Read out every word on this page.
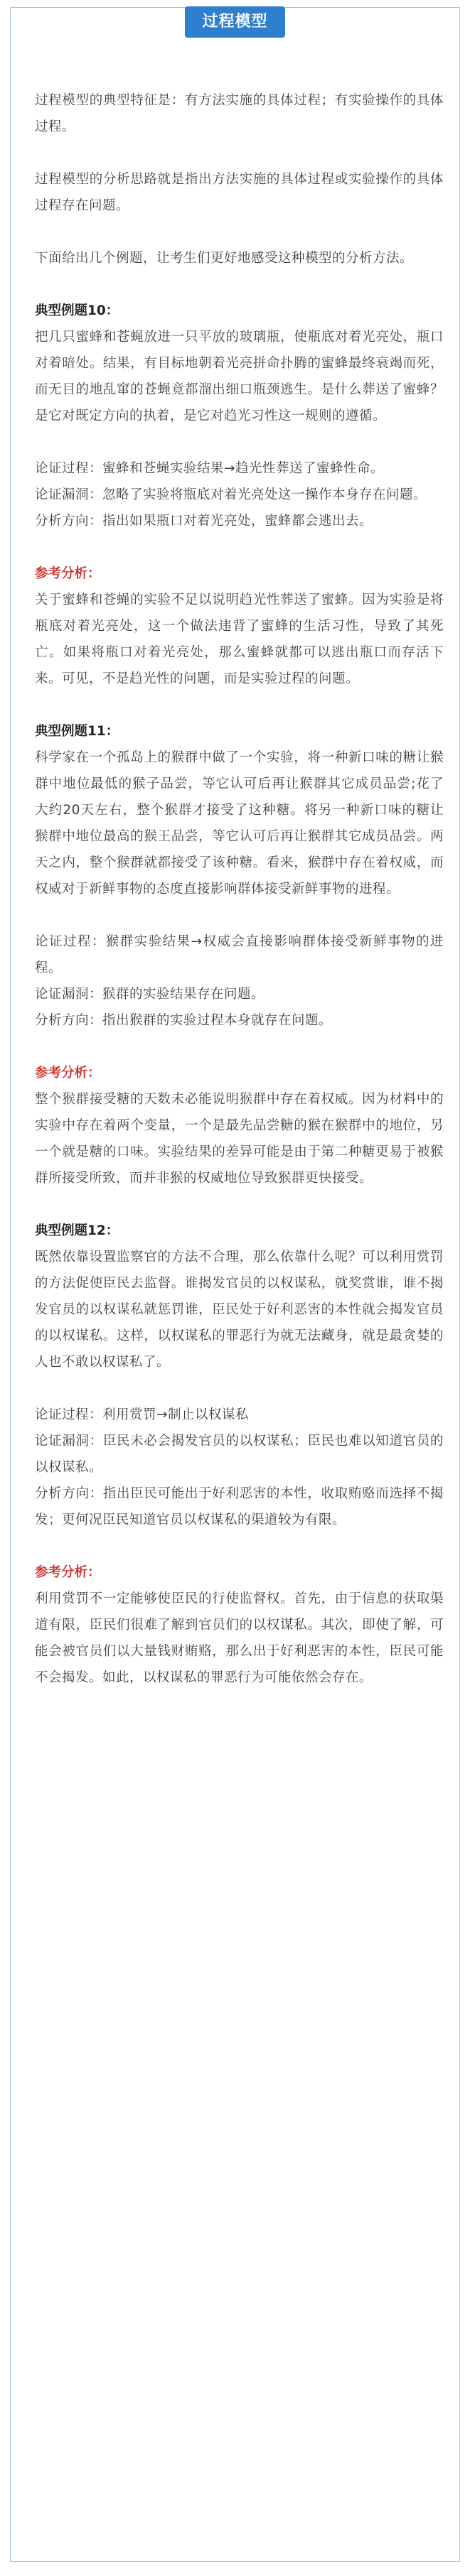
过程模型

过程模型的典型特征是：有方法实施的具体过程；有实验操作的具体过程。

过程模型的分析思路就是指出方法实施的具体过程或实验操作的具体过程存在问题。

下面给出几个例题，让考生们更好地感受这种模型的分析方法。

典型例题10：

把几只蜜蜂和苍蝇放进一只平放的玻璃瓶，使瓶底对着光亮处，瓶口对着暗处。结果，有目标地朝着光亮拼命扑腾的蜜蜂最终衰竭而死，而无目的地乱窜的苍蝇竟都溜出细口瓶颈逃生。是什么葬送了蜜蜂？是它对既定方向的执着，是它对趋光习性这一规则的遵循。

论证过程：蜜蜂和苍蝇实验结果→趋光性葬送了蜜蜂性命。

论证漏洞：忽略了实验将瓶底对着光亮处这一操作本身存在问题。

分析方向：指出如果瓶口对着光亮处，蜜蜂都会逃出去。

参考分析：

关于蜜蜂和苍蝇的实验不足以说明趋光性葬送了蜜蜂。因为实验是将瓶底对着光亮处，这一个做法违背了蜜蜂的生活习性，导致了其死亡。如果将瓶口对着光亮处，那么蜜蜂就都可以逃出瓶口而存活下来。可见，不是趋光性的问题，而是实验过程的问题。

典型例题11：

科学家在一个孤岛上的猴群中做了一个实验，将一种新口味的糖让猴群中地位最低的猴子品尝，等它认可后再让猴群其它成员品尝;花了大约20天左右，整个猴群才接受了这种糖。将另一种新口味的糖让猴群中地位最高的猴王品尝，等它认可后再让猴群其它成员品尝。两天之内，整个猴群就都接受了该种糖。看来，猴群中存在着权威，而权威对于新鲜事物的态度直接影响群体接受新鲜事物的进程。

论证过程：猴群实验结果→权威会直接影响群体接受新鲜事物的进程。

论证漏洞：猴群的实验结果存在问题。

分析方向：指出猴群的实验过程本身就存在问题。

参考分析：

整个猴群接受糖的天数未必能说明猴群中存在着权威。因为材料中的实验中存在着两个变量，一个是最先品尝糖的猴在猴群中的地位，另一个就是糖的口味。实验结果的差异可能是由于第二种糖更易于被猴群所接受所致，而并非猴的权威地位导致猴群更快接受。

典型例题12：

既然依靠设置监察官的方法不合理，那么依靠什么呢？可以利用赏罚的方法促使臣民去监督。谁揭发官员的以权谋私，就奖赏谁，谁不揭发官员的以权谋私就惩罚谁，臣民处于好利恶害的本性就会揭发官员的以权谋私。这样，以权谋私的罪恶行为就无法藏身，就是最贪婪的人也不敢以权谋私了。

论证过程：利用赏罚→制止以权谋私

论证漏洞：臣民未必会揭发官员的以权谋私；臣民也难以知道官员的以权谋私。

分析方向：指出臣民可能出于好利恶害的本性，收取贿赂而选择不揭发；更何况臣民知道官员以权谋私的渠道较为有限。

参考分析：

利用赏罚不一定能够使臣民的行使监督权。首先，由于信息的获取渠道有限，臣民们很难了解到官员们的以权谋私。其次，即使了解，可能会被官员们以大量钱财贿赂，那么出于好利恶害的本性，臣民可能不会揭发。如此，以权谋私的罪恶行为可能依然会存在。
